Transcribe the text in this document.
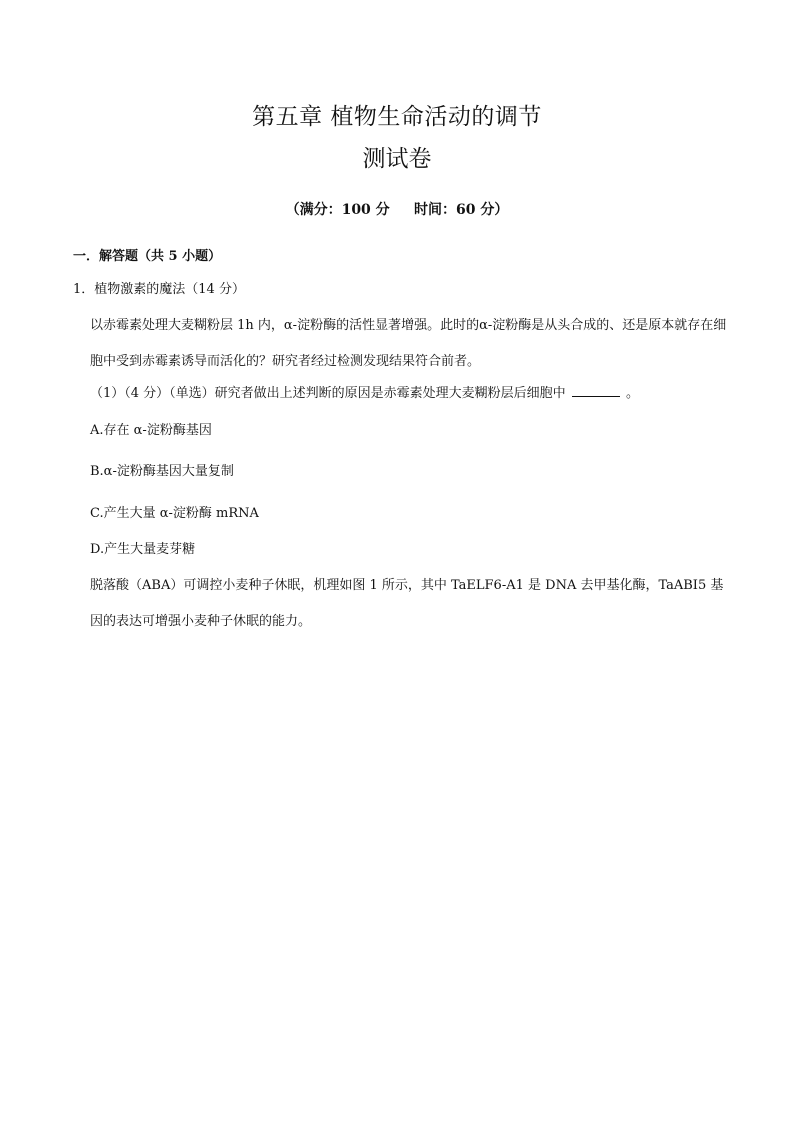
第五章 植物生命活动的调节
测试卷
（满分：100 分     时间：60 分）
一．解答题（共 5 小题）
1．植物激素的魔法（14 分）
以赤霉素处理大麦糊粉层 1h 内，α-淀粉酶的活性显著增强。此时的α-淀粉酶是从头合成的、还是原本就存在细胞中受到赤霉素诱导而活化的？研究者经过检测发现结果符合前者。
（1）（4 分）（单选）研究者做出上述判断的原因是赤霉素处理大麦糊粉层后细胞中	。
A.存在 α-淀粉酶基因
B.α-淀粉酶基因大量复制
C.产生大量 α-淀粉酶 mRNA
D.产生大量麦芽糖
脱落酸（ABA）可调控小麦种子休眠，机理如图 1 所示，其中 TaELF6-A1 是 DNA 去甲基化酶，TaABI5 基因的表达可增强小麦种子休眠的能力。
